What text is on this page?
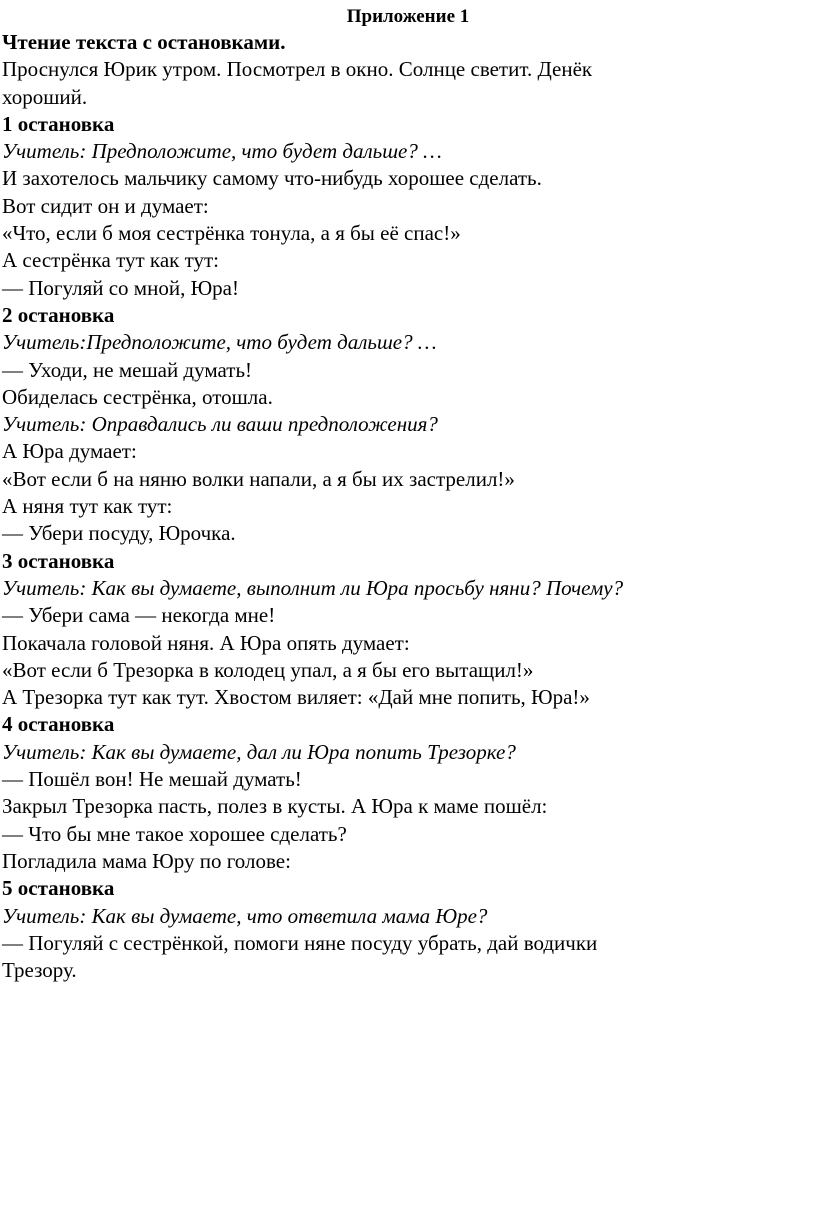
Приложение 1

Чтение текста с остановками.

Проснулся Юрик утром. Посмотрел в окно. Солнце светит. Денёк

хороший.

1 остановка

Учитель: Предположите, что будет дальше? …

И захотелось мальчику самому что-нибудь хорошее сделать.

Вот сидит он и думает:

«Что, если б моя сестрёнка тонула, а я бы её спас!»

А сестрёнка тут как тут:

— Погуляй со мной, Юра!

2 остановка

Учитель:Предположите, что будет дальше? …

— Уходи, не мешай думать!

Обиделась сестрёнка, отошла.

Учитель: Оправдались ли ваши предположения?

А Юра думает:

«Вот если б на няню волки напали, а я бы их застрелил!»

А няня тут как тут:

— Убери посуду, Юрочка.

3 остановка

Учитель: Как вы думаете, выполнит ли Юра просьбу няни? Почему?

— Убери сама — некогда мне!

Покачала головой няня. А Юра опять думает:

«Вот если б Трезорка в колодец упал, а я бы его вытащил!»

А Трезорка тут как тут. Хвостом виляет: «Дай мне попить, Юра!»

4 остановка

Учитель: Как вы думаете, дал ли Юра попить Трезорке?

— Пошёл вон! Не мешай думать!

Закрыл Трезорка пасть, полез в кусты. А Юра к маме пошёл:

— Что бы мне такое хорошее сделать?

Погладила мама Юру по голове:

5 остановка

Учитель: Как вы думаете, что ответила мама Юре?

— Погуляй с сестрёнкой, помоги няне посуду убрать, дай водички

Трезору.
